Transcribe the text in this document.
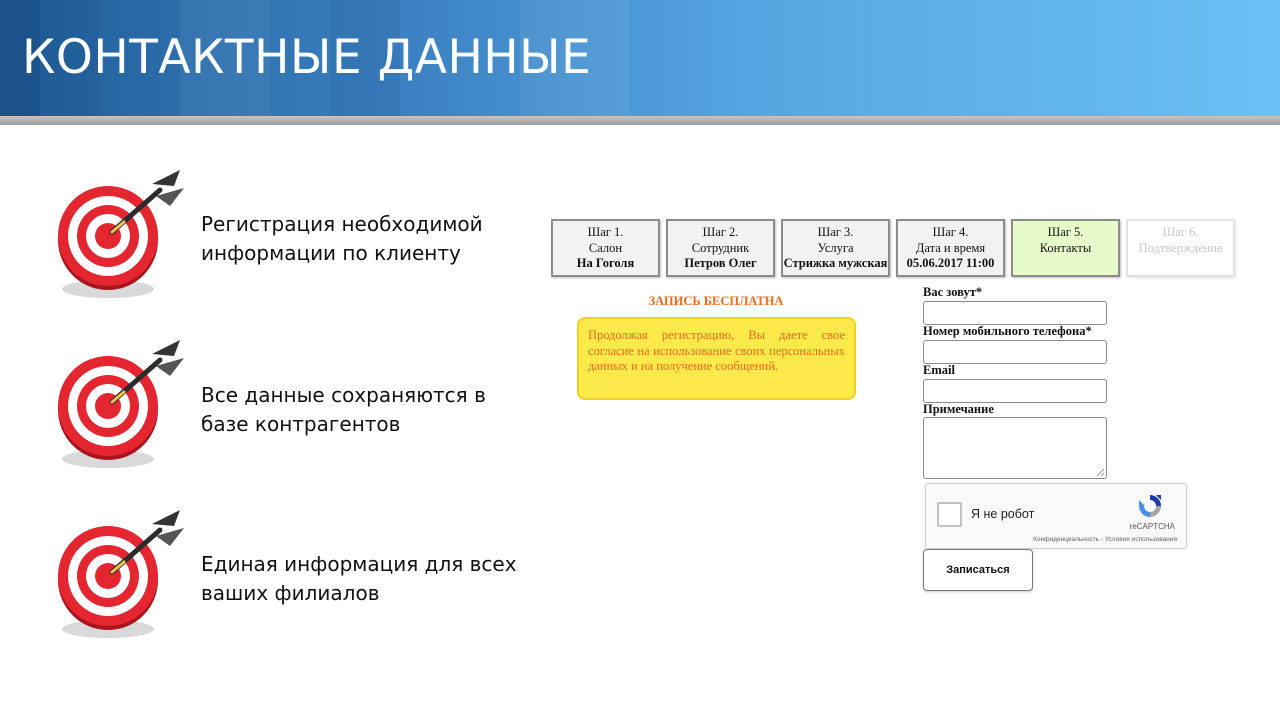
КОНТАКТНЫЕ ДАННЫЕ
Регистрация необходимой информации по клиенту
Все данные сохраняются в базе контрагентов
Единая информация для всех ваших филиалов
Шаг 1.
Салон
На Гоголя
Шаг 2.
Сотрудник
Петров Олег
Шаг 3.
Услуга
Стрижка мужская
Шаг 4.
Дата и время
05.06.2017 11:00
Шаг 5.
Контакты
Шаг 6.
Подтверждение
ЗАПИСЬ БЕСПЛАТНА
Продолжая регистрацию, Вы даете свое согласие на использование своих персональных данных и на получение сообщений.
Вас зовут*
Номер мобильного телефона*
Email
Примечание
Я не робот
reCAPTCHA
Конфиденциальность - Условия использования
Записаться
